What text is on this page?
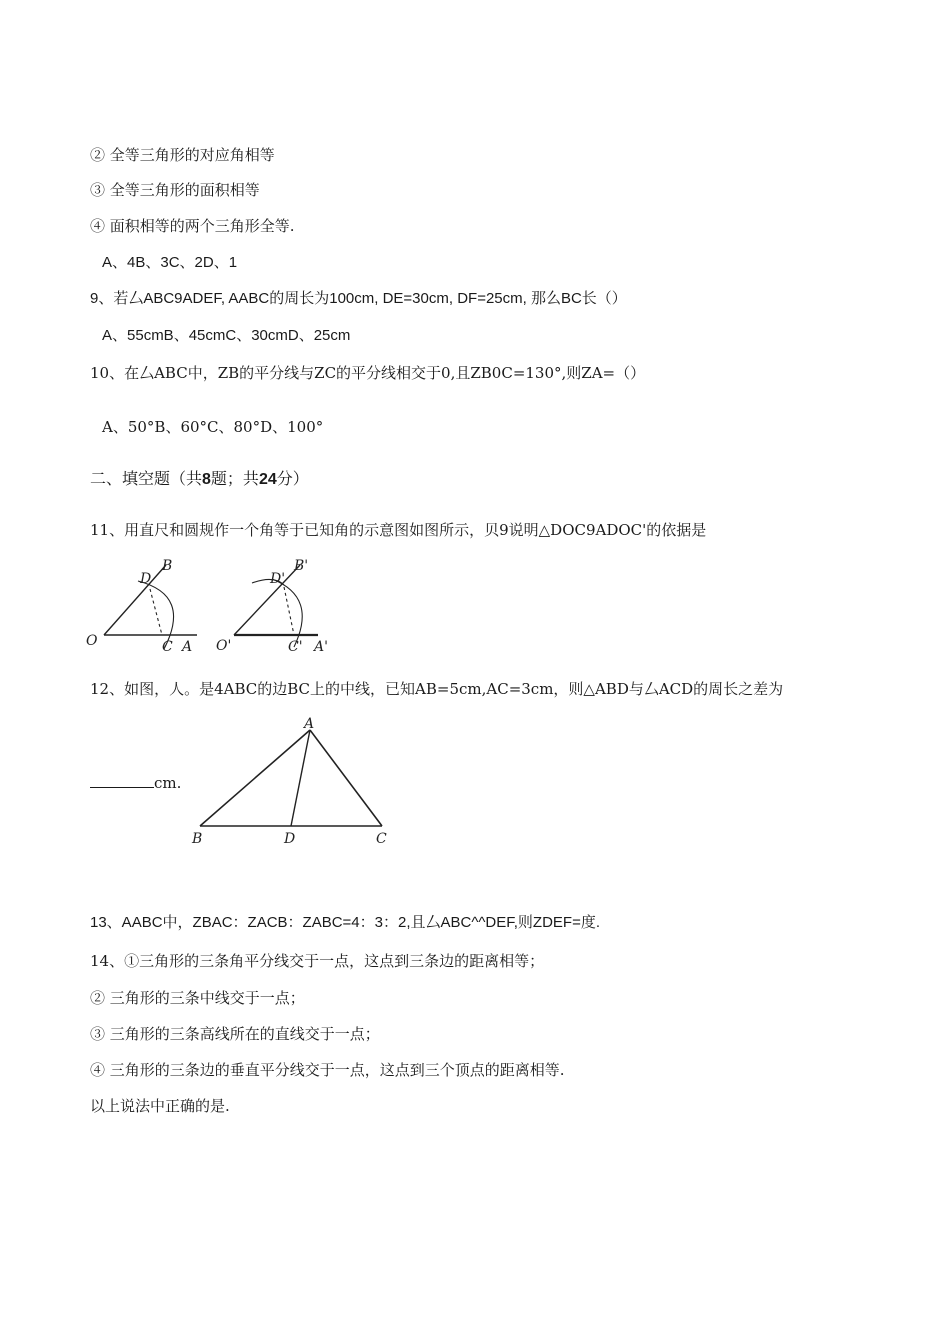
② 全等三角形的对应角相等
③ 全等三角形的面积相等
④ 面积相等的两个三角形全等.
A、4B、3C、2D、1
9、若厶ABC9ADEF, AABC的周长为100cm, DE=30cm, DF=25cm, 那么BC长（）
A、55cmB、45cmC、30cmD、25cm
10、在厶ABC中，ZB的平分线与ZC的平分线相交于0,且ZB0C=130°,则ZA=（）
A、50°B、60°C、80°D、100°
二、填空题（共8题；共24分）
11、用直尺和圆规作一个角等于已知角的示意图如图所示，贝9说明△DOC9ADOC'的依据是
O	C A
D
B
O'	C' A'
D'
B'
12、如图，人。是4ABC的边BC上的中线，已知AB=5cm,AC=3cm，则△ABD与厶ACD的周长之差为
cm.
A
B	D	C
13、AABC中，ZBAC：ZACB：ZABC=4：3：2,且厶ABC^^DEF,则ZDEF=度.
14、①三角形的三条角平分线交于一点，这点到三条边的距离相等；
② 三角形的三条中线交于一点；
③ 三角形的三条高线所在的直线交于一点；
④ 三角形的三条边的垂直平分线交于一点，这点到三个顶点的距离相等.
以上说法中正确的是.
